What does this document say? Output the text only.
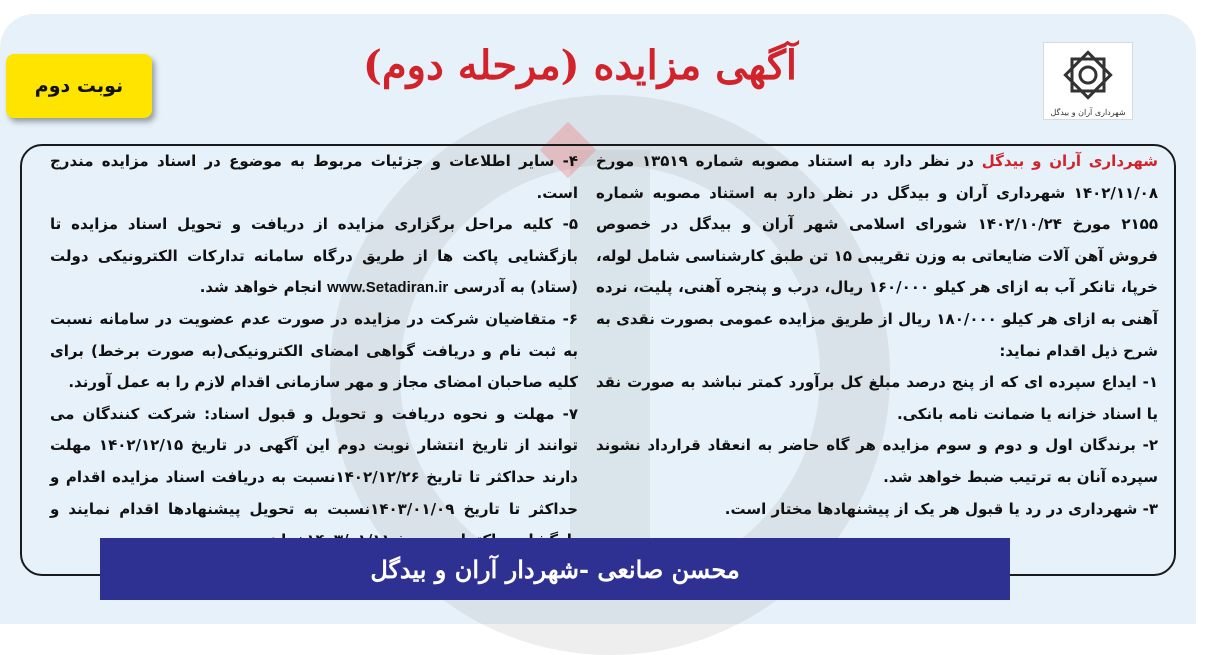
شهرداری آران و بیدگل
آگهی مزایده (مرحله دوم)
نوبت دوم

شهرداری آران و بیدگل در نظر دارد به استناد مصوبه شماره ۱۳۵۱۹ مورخ ۱۴۰۲/۱۱/۰۸ شهرداری آران و بیدگل در نظر دارد به استناد مصوبه شماره ۲۱۵۵ مورخ ۱۴۰۲/۱۰/۲۴ شورای اسلامی شهر آران و بیدگل در خصوص فروش آهن آلات ضایعاتی به وزن تقریبی ۱۵ تن طبق کارشناسی شامل لوله، خرپا، تانکر آب به ازای هر کیلو ۱۶۰/۰۰۰ ریال، درب و پنجره آهنی، پلیت، نرده آهنی به ازای هر کیلو ۱۸۰/۰۰۰ ریال از طریق مزایده عمومی بصورت نقدی به شرح ذیل اقدام نماید:

۱- ایداع سپرده ای که از پنج درصد مبلغ کل برآورد کمتر نباشد به صورت نقد یا اسناد خزانه یا ضمانت نامه بانکی.

۲- برندگان اول و دوم و سوم مزایده هر گاه حاضر به انعقاد قرارداد نشوند سپرده آنان به ترتیب ضبط خواهد شد.

۳- شهرداری در رد یا قبول هر یک از پیشنهادها مختار است.

۴- سایر اطلاعات و جزئیات مربوط به موضوع در اسناد مزایده مندرج است.

۵- کلیه مراحل برگزاری مزایده از دریافت و تحویل اسناد مزایده تا بازگشایی پاکت ها از طریق درگاه سامانه تدارکات الکترونیکی دولت (ستاد) به آدرسی www.Setadiran.ir انجام خواهد شد.

۶- متقاضیان شرکت در مزایده در صورت عدم عضویت در سامانه نسبت به ثبت نام و دریافت گواهی امضای الکترونیکی(به صورت برخط) برای کلیه صاحبان امضای مجاز و مهر سازمانی اقدام لازم را به عمل آورند.

۷- مهلت و نحوه دریافت و تحویل و قبول اسناد: شرکت کنندگان می توانند از تاریخ انتشار نوبت دوم این آگهی در تاریخ ۱۴۰۲/۱۲/۱۵ مهلت دارند حداکثر تا تاریخ ۱۴۰۲/۱۲/۲۶نسبت به دریافت اسناد مزایده اقدام و حداکثر تا تاریخ ۱۴۰۳/۰۱/۰۹نسبت به تحویل پیشنهادها اقدام نمایند و

محسن صانعی -شهردار آران و بیدگل
